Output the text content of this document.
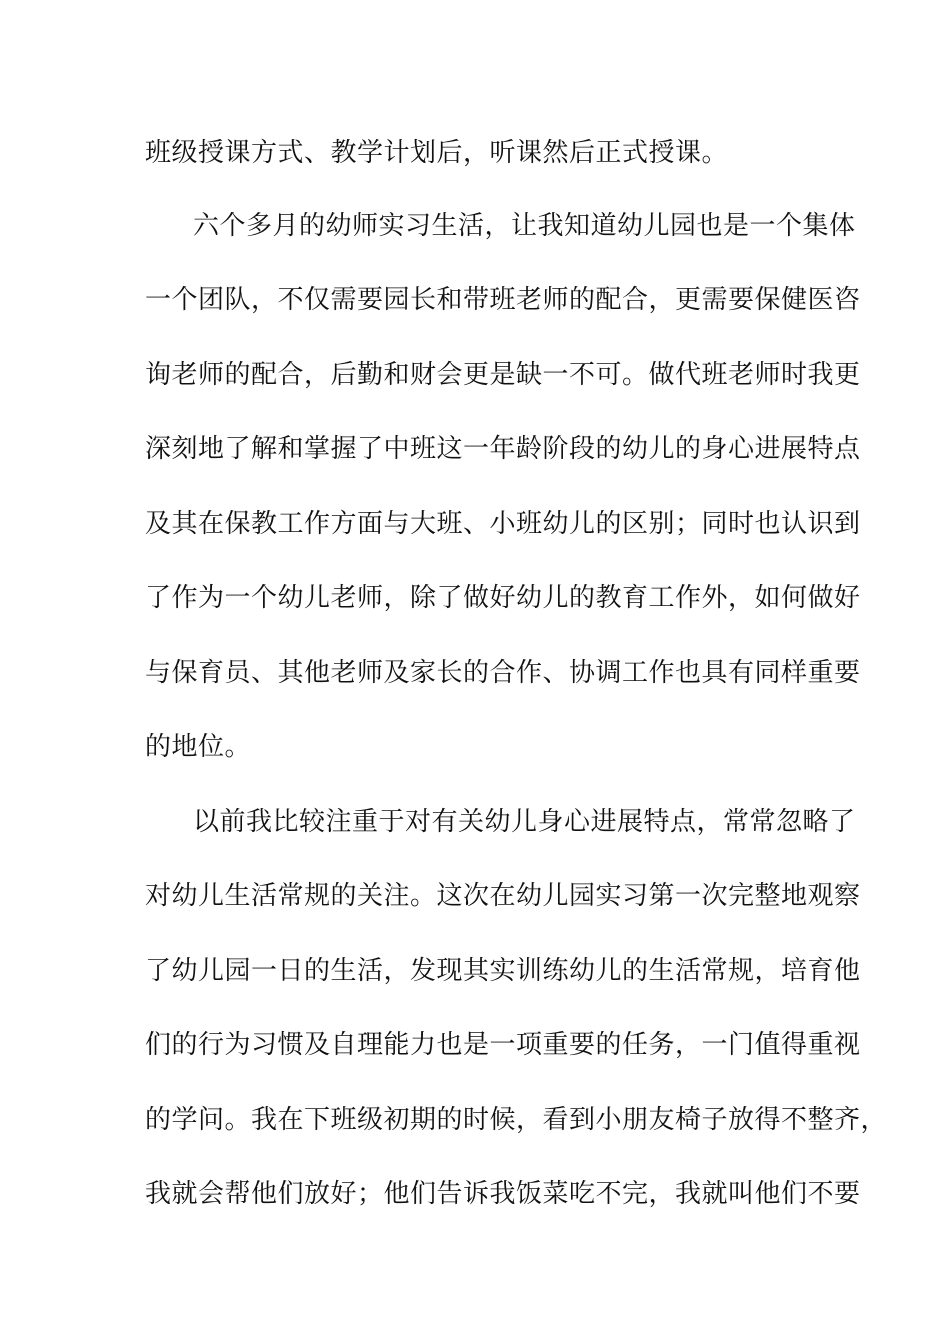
班级授课方式、教学计划后，听课然后正式授课。
六个多月的幼师实习生活，让我知道幼儿园也是一个集体
一个团队，不仅需要园长和带班老师的配合，更需要保健医咨
询老师的配合，后勤和财会更是缺一不可。做代班老师时我更
深刻地了解和掌握了中班这一年龄阶段的幼儿的身心进展特点
及其在保教工作方面与大班、小班幼儿的区别；同时也认识到
了作为一个幼儿老师，除了做好幼儿的教育工作外，如何做好
与保育员、其他老师及家长的合作、协调工作也具有同样重要
的地位。
以前我比较注重于对有关幼儿身心进展特点，常常忽略了
对幼儿生活常规的关注。这次在幼儿园实习第一次完整地观察
了幼儿园一日的生活，发现其实训练幼儿的生活常规，培育他
们的行为习惯及自理能力也是一项重要的任务，一门值得重视
的学问。我在下班级初期的时候，看到小朋友椅子放得不整齐，
我就会帮他们放好；他们告诉我饭菜吃不完，我就叫他们不要
